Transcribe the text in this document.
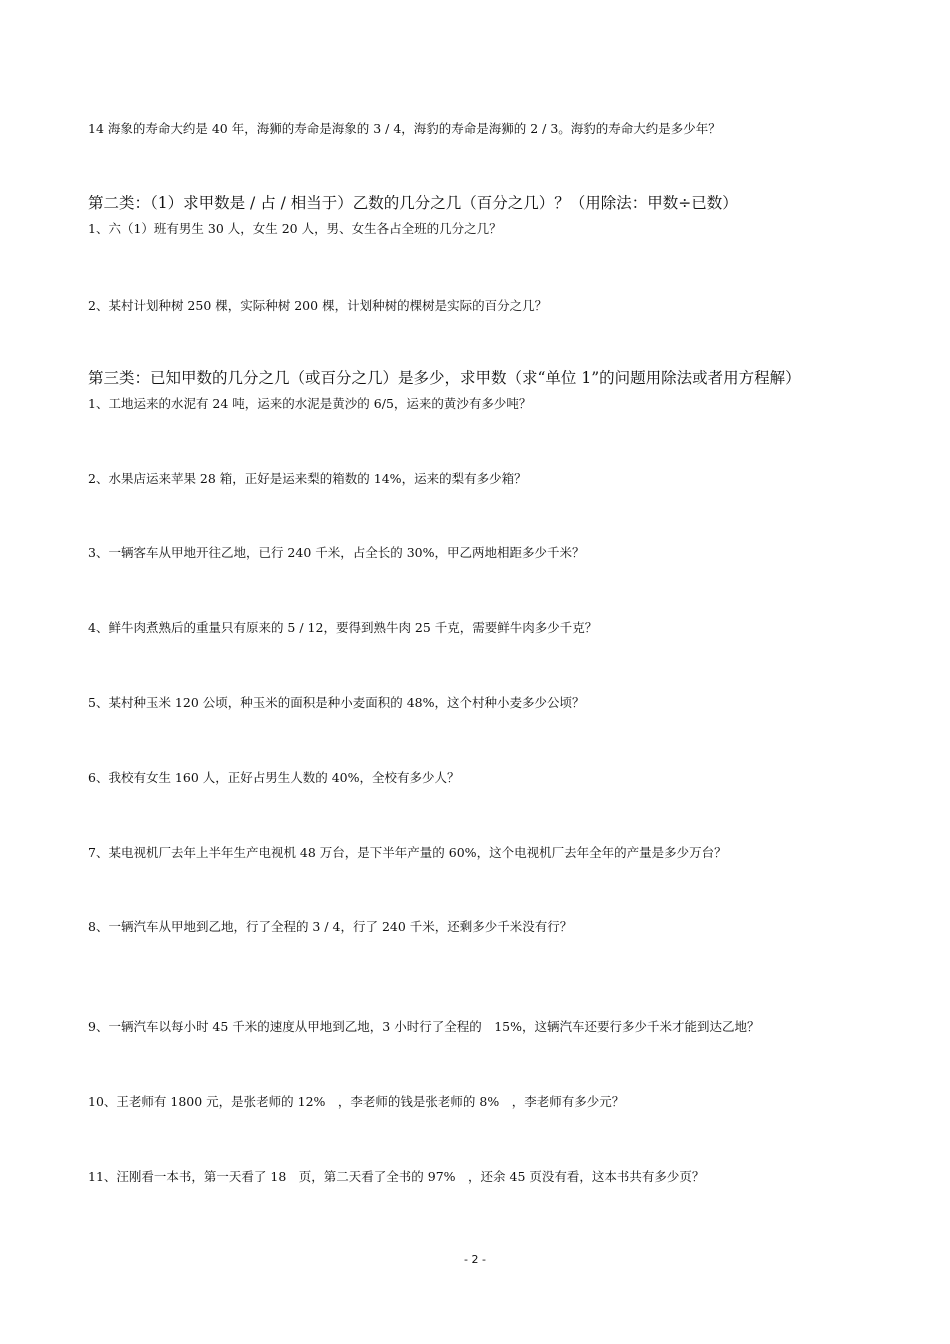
14 海象的寿命大约是 40 年，海狮的寿命是海象的 3 / 4，海豹的寿命是海狮的 2 / 3。海豹的寿命大约是多少年？
第二类：（1）求甲数是 / 占 / 相当于）乙数的几分之几（百分之几）？（用除法：甲数÷已数）
1、六（1）班有男生 30 人，女生 20 人，男、女生各占全班的几分之几？
2、某村计划种树 250 棵，实际种树 200 棵，计划种树的棵树是实际的百分之几？
第三类：已知甲数的几分之几（或百分之几）是多少，求甲数（求“单位 1”的问题用除法或者用方程解）
1、工地运来的水泥有 24 吨，运来的水泥是黄沙的 6/5，运来的黄沙有多少吨？
2、水果店运来苹果 28 箱，正好是运来梨的箱数的 14%，运来的梨有多少箱？
3、一辆客车从甲地开往乙地，已行 240 千米，占全长的 30%，甲乙两地相距多少千米？
4、鲜牛肉煮熟后的重量只有原来的 5 / 12，要得到熟牛肉 25 千克，需要鲜牛肉多少千克？
5、某村种玉米 120 公顷，种玉米的面积是种小麦面积的 48%，这个村种小麦多少公顷？
6、我校有女生 160 人，正好占男生人数的 40%，全校有多少人？
7、某电视机厂去年上半年生产电视机 48 万台，是下半年产量的 60%，这个电视机厂去年全年的产量是多少万台？
8、一辆汽车从甲地到乙地，行了全程的 3 / 4，行了 240 千米，还剩多少千米没有行？
9、一辆汽车以每小时 45 千米的速度从甲地到乙地，3 小时行了全程的　15%，这辆汽车还要行多少千米才能到达乙地？
10、王老师有 1800 元，是张老师的 12%　，李老师的钱是张老师的 8%　，李老师有多少元？
11、汪刚看一本书，第一天看了 18　页，第二天看了全书的 97%　，还余 45 页没有看，这本书共有多少页？
- 2 -
